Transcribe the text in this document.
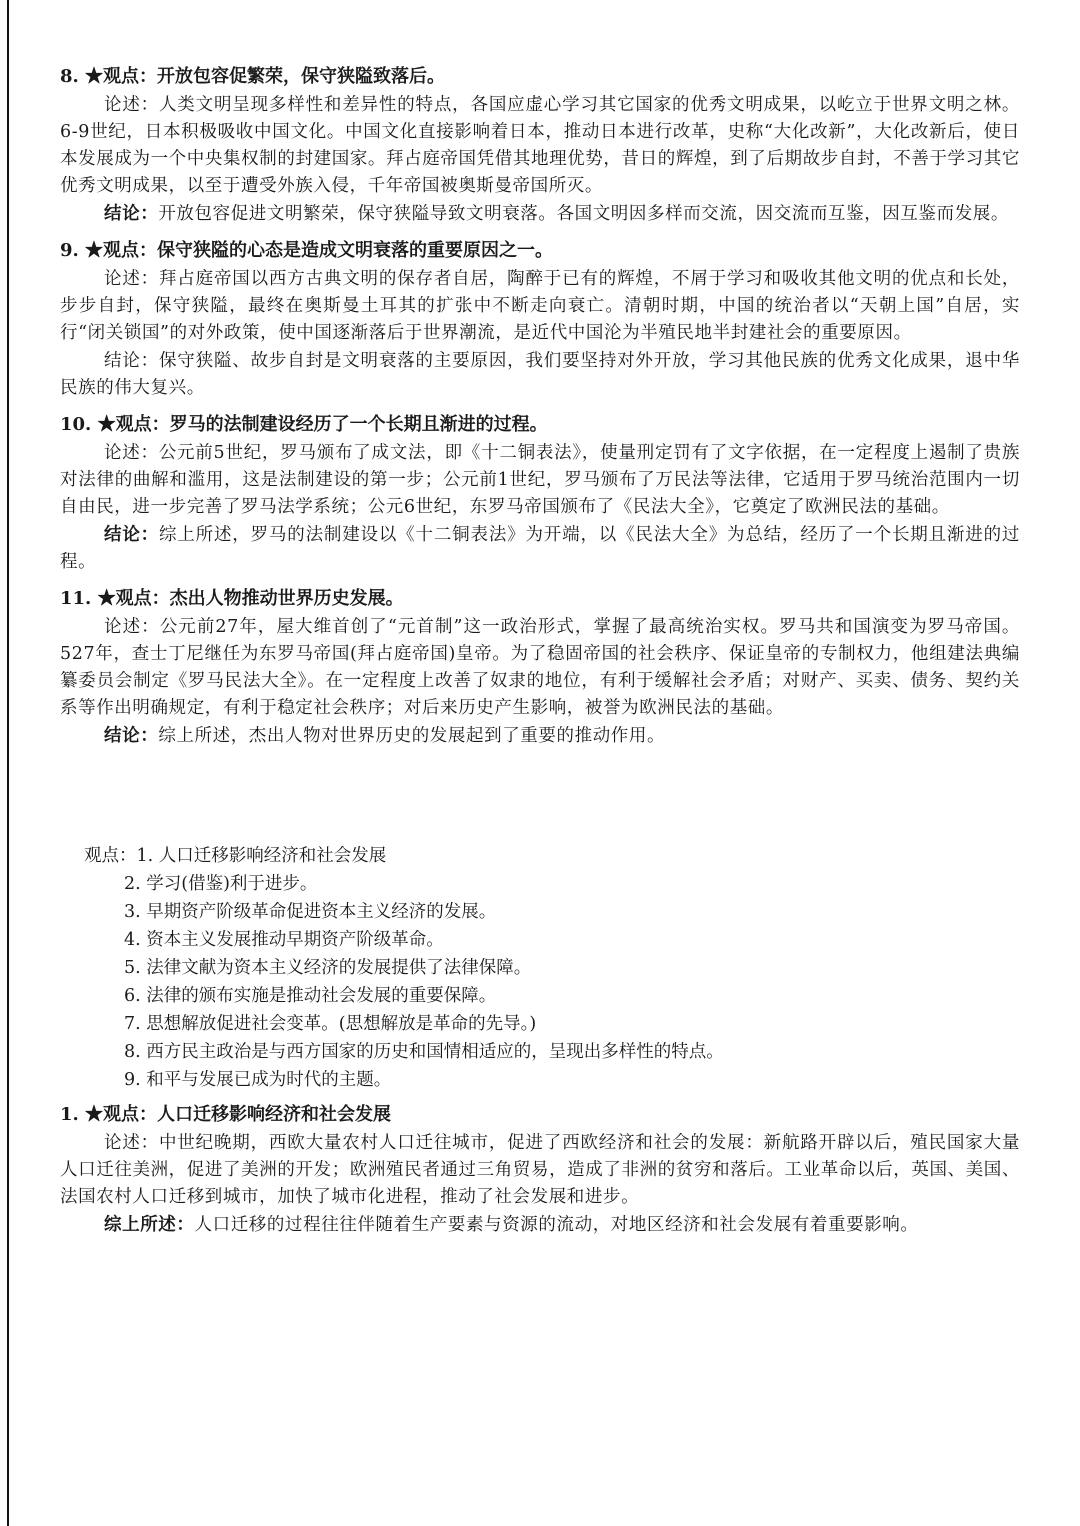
8. ★观点：开放包容促繁荣，保守狭隘致落后。

论述：人类文明呈现多样性和差异性的特点，各国应虚心学习其它国家的优秀文明成果，以屹立于世界文明之林。6-9世纪，日本积极吸收中国文化。中国文化直接影响着日本，推动日本进行改革，史称“大化改新”，大化改新后，使日本发展成为一个中央集权制的封建国家。拜占庭帝国凭借其地理优势，昔日的辉煌，到了后期故步自封，不善于学习其它优秀文明成果，以至于遭受外族入侵，千年帝国被奥斯曼帝国所灭。

结论：开放包容促进文明繁荣，保守狭隘导致文明衰落。各国文明因多样而交流，因交流而互鉴，因互鉴而发展。

9. ★观点：保守狭隘的心态是造成文明衰落的重要原因之一。

论述：拜占庭帝国以西方古典文明的保存者自居，陶醉于已有的辉煌，不屑于学习和吸收其他文明的优点和长处，步步自封，保守狭隘，最终在奥斯曼土耳其的扩张中不断走向衰亡。清朝时期，中国的统治者以“天朝上国”自居，实行“闭关锁国”的对外政策，使中国逐渐落后于世界潮流，是近代中国沦为半殖民地半封建社会的重要原因。

结论：保守狭隘、故步自封是文明衰落的主要原因，我们要坚持对外开放，学习其他民族的优秀文化成果，退中华民族的伟大复兴。

10. ★观点：罗马的法制建设经历了一个长期且渐进的过程。

论述：公元前5世纪，罗马颁布了成文法，即《十二铜表法》，使量刑定罚有了文字依据，在一定程度上遏制了贵族对法律的曲解和滥用，这是法制建设的第一步；公元前1世纪，罗马颁布了万民法等法律，它适用于罗马统治范围内一切自由民，进一步完善了罗马法学系统；公元6世纪，东罗马帝国颁布了《民法大全》，它奠定了欧洲民法的基础。

结论：综上所述，罗马的法制建设以《十二铜表法》为开端，以《民法大全》为总结，经历了一个长期且渐进的过程。

11. ★观点：杰出人物推动世界历史发展。

论述：公元前27年，屋大维首创了“元首制”这一政治形式，掌握了最高统治实权。罗马共和国演变为罗马帝国。527年，查士丁尼继任为东罗马帝国(拜占庭帝国)皇帝。为了稳固帝国的社会秩序、保证皇帝的专制权力，他组建法典编纂委员会制定《罗马民法大全》。在一定程度上改善了奴隶的地位，有利于缓解社会矛盾；对财产、买卖、债务、契约关系等作出明确规定，有利于稳定社会秩序；对后来历史产生影响，被誉为欧洲民法的基础。

结论：综上所述，杰出人物对世界历史的发展起到了重要的推动作用。

观点：1. 人口迁移影响经济和社会发展
2. 学习(借鉴)利于进步。
3. 早期资产阶级革命促进资本主义经济的发展。
4. 资本主义发展推动早期资产阶级革命。
5. 法律文献为资本主义经济的发展提供了法律保障。
6. 法律的颁布实施是推动社会发展的重要保障。
7. 思想解放促进社会变革。(思想解放是革命的先导。)
8. 西方民主政治是与西方国家的历史和国情相适应的，呈现出多样性的特点。
9. 和平与发展已成为时代的主题。
1. ★观点：人口迁移影响经济和社会发展

论述：中世纪晚期，西欧大量农村人口迁往城市，促进了西欧经济和社会的发展：新航路开辟以后，殖民国家大量人口迁往美洲，促进了美洲的开发；欧洲殖民者通过三角贸易，造成了非洲的贫穷和落后。工业革命以后，英国、美国、法国农村人口迁移到城市，加快了城市化进程，推动了社会发展和进步。

综上所述：人口迁移的过程往往伴随着生产要素与资源的流动，对地区经济和社会发展有着重要影响。
